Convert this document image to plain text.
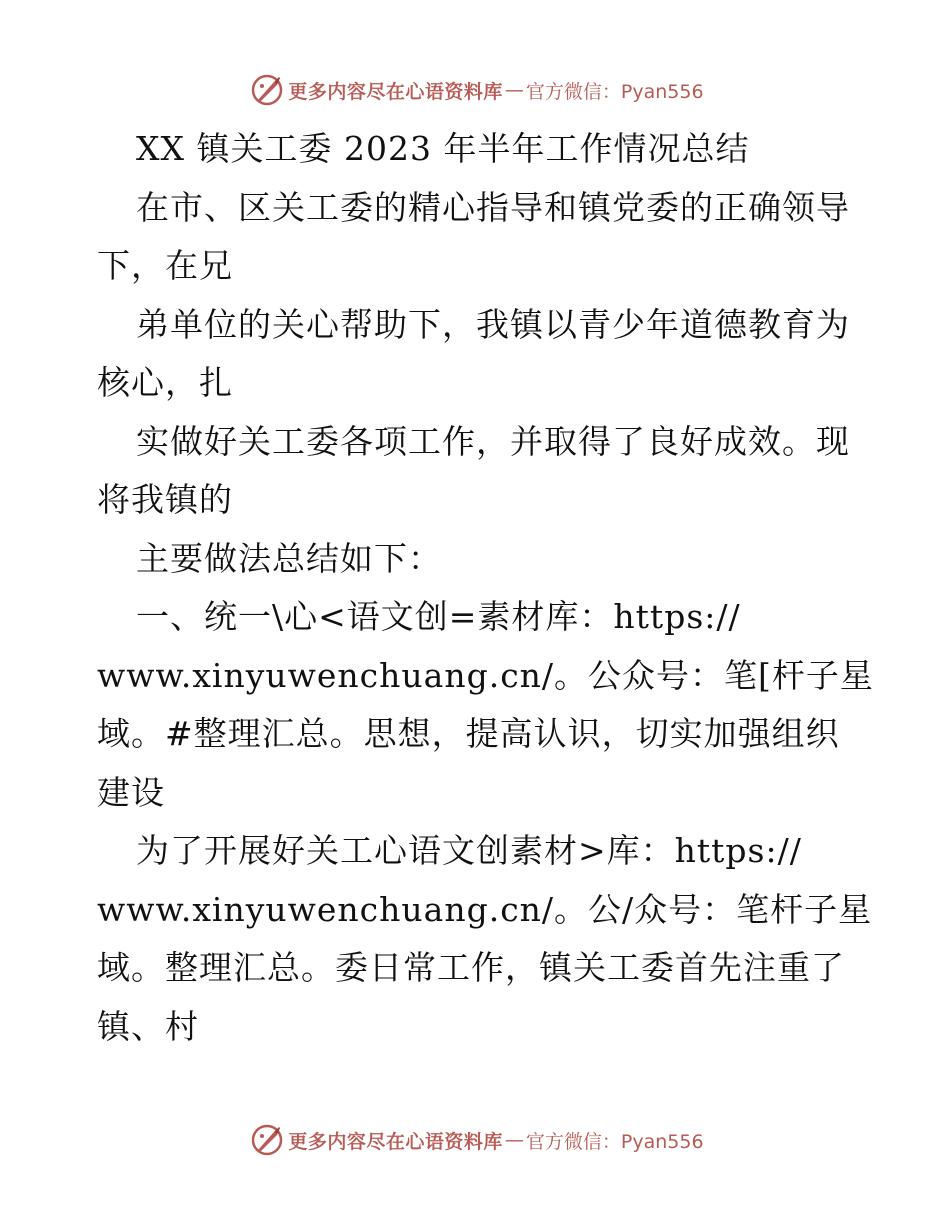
更多内容尽在心语资料库 — 官方微信：Pyan556
XX 镇关工委 2023 年半年工作情况总结
在市、区关工委的精心指导和镇党委的正确领导
下，在兄
弟单位的关心帮助下，我镇以青少年道德教育为
核心，扎
实做好关工委各项工作，并取得了良好成效。现
将我镇的
主要做法总结如下：
一、统一\心<语文创=素材库：https://
www.xinyuwenchuang.cn/。公众号：笔[杆子星
域。#整理汇总。思想，提高认识，切实加强组织
建设
为了开展好关工心语文创素材>库：https://
www.xinyuwenchuang.cn/。公/众号：笔杆子星
域。整理汇总。委日常工作，镇关工委首先注重了
镇、村
更多内容尽在心语资料库 — 官方微信：Pyan556
